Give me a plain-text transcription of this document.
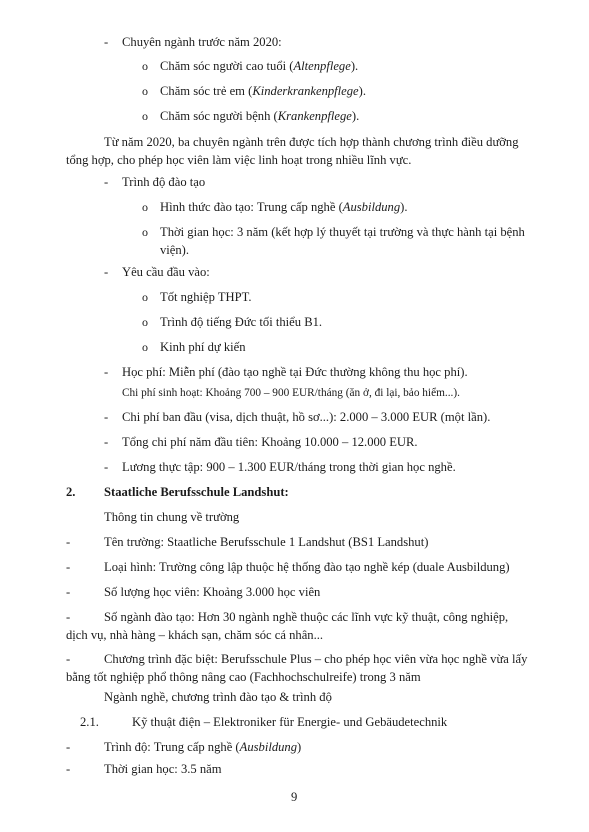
- Chuyên ngành trước năm 2020:
o Chăm sóc người cao tuổi (Altenpflege).
o Chăm sóc trẻ em (Kinderkrankenpflege).
o Chăm sóc người bệnh (Krankenpflege).
Từ năm 2020, ba chuyên ngành trên được tích hợp thành chương trình điều dưỡng
tổng hợp, cho phép học viên làm việc linh hoạt trong nhiều lĩnh vực.
- Trình độ đào tạo
o Hình thức đào tạo: Trung cấp nghề (Ausbildung).
o Thời gian học: 3 năm (kết hợp lý thuyết tại trường và thực hành tại bệnh
viện).
- Yêu cầu đầu vào:
o Tốt nghiệp THPT.
o Trình độ tiếng Đức tối thiểu B1.
o Kinh phí dự kiến
- Học phí: Miễn phí (đào tạo nghề tại Đức thường không thu học phí).
Chi phí sinh hoạt: Khoảng 700 – 900 EUR/tháng (ăn ở, đi lại, bảo hiểm...).
- Chi phí ban đầu (visa, dịch thuật, hồ sơ...): 2.000 – 3.000 EUR (một lần).
- Tổng chi phí năm đầu tiên: Khoảng 10.000 – 12.000 EUR.
- Lương thực tập: 900 – 1.300 EUR/tháng trong thời gian học nghề.
2. Staatliche Berufsschule Landshut:
Thông tin chung về trường
-	Tên trường: Staatliche Berufsschule 1 Landshut (BS1 Landshut)
-	Loại hình: Trường công lập thuộc hệ thống đào tạo nghề kép (duale Ausbildung)
-	Số lượng học viên: Khoảng 3.000 học viên
-	Số ngành đào tạo: Hơn 30 ngành nghề thuộc các lĩnh vực kỹ thuật, công nghiệp,
dịch vụ, nhà hàng – khách sạn, chăm sóc cá nhân...
-	Chương trình đặc biệt: Berufsschule Plus – cho phép học viên vừa học nghề vừa lấy
bằng tốt nghiệp phổ thông nâng cao (Fachhochschulreife) trong 3 năm
Ngành nghề, chương trình đào tạo & trình độ
2.1.	Kỹ thuật điện – Elektroniker für Energie- und Gebäudetechnik
-	Trình độ: Trung cấp nghề (Ausbildung)
-	Thời gian học: 3.5 năm
9
